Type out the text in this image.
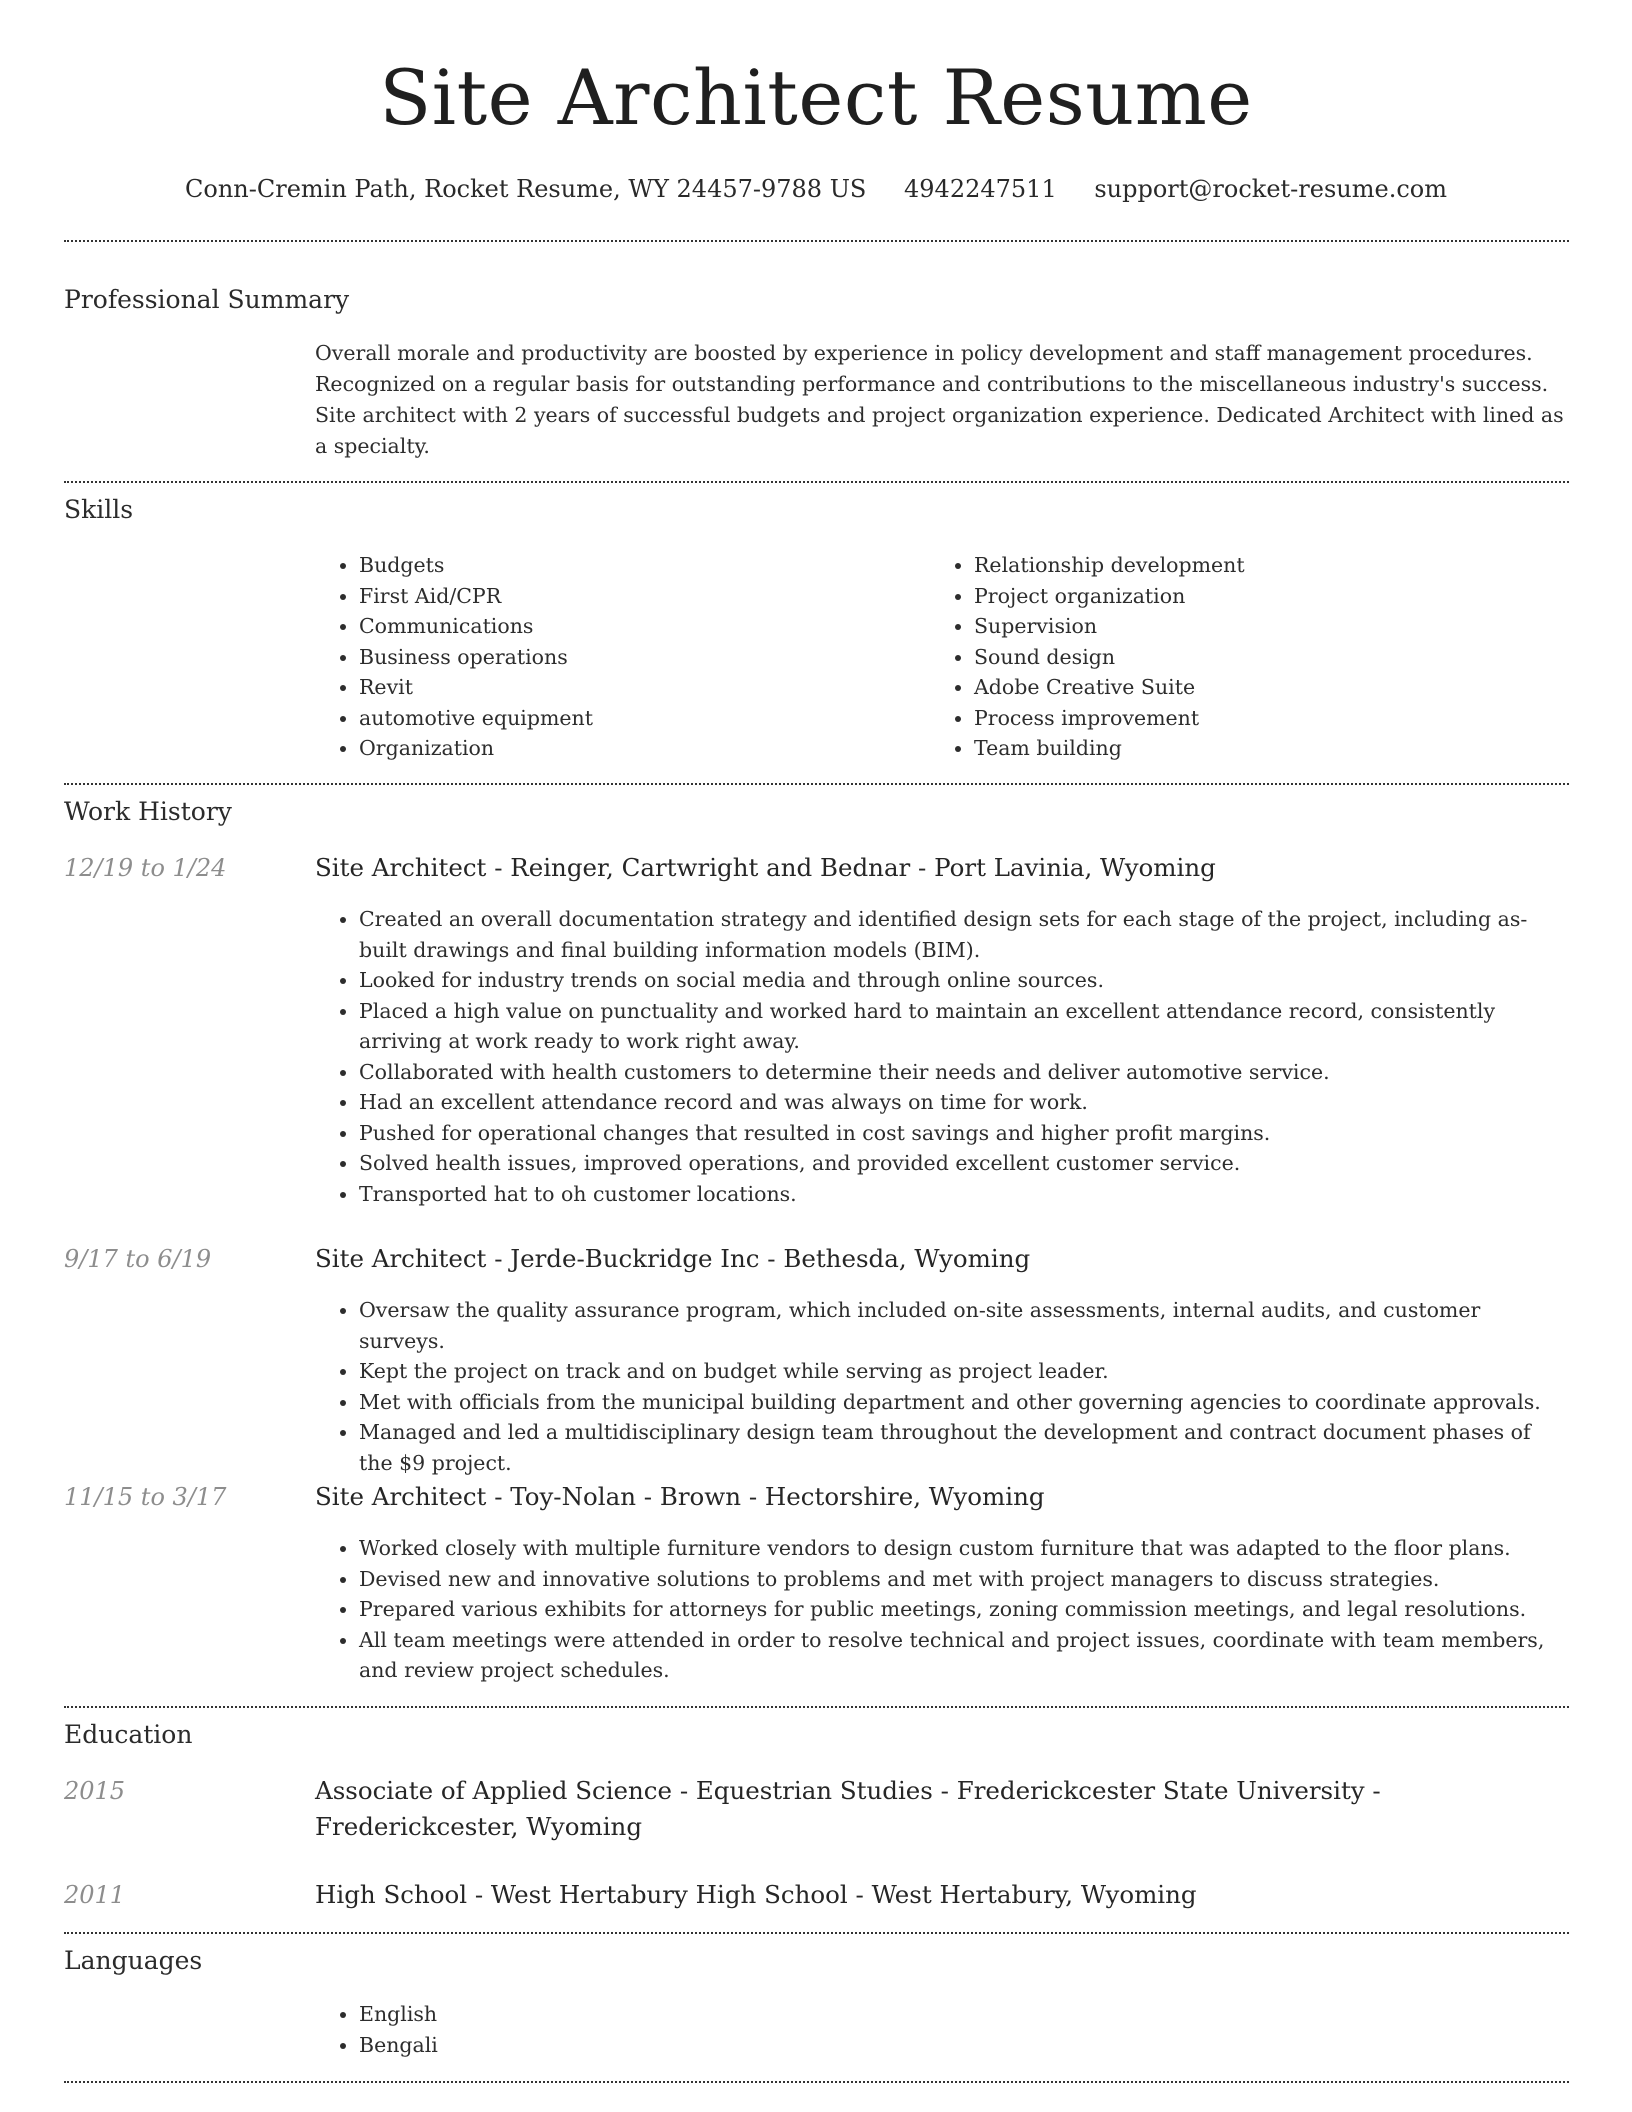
Site Architect Resume
Conn-Cremin Path, Rocket Resume, WY 24457-9788 US 4942247511 support@rocket-resume.com
Professional Summary
Overall morale and productivity are boosted by experience in policy development and staff management procedures. Recognized on a regular basis for outstanding performance and contributions to the miscellaneous industry's success. Site architect with 2 years of successful budgets and project organization experience. Dedicated Architect with lined as a specialty.
Skills
• Budgets
• First Aid/CPR
• Communications
• Business operations
• Revit
• automotive equipment
• Organization
• Relationship development
• Project organization
• Supervision
• Sound design
• Adobe Creative Suite
• Process improvement
• Team building
Work History
12/19 to 1/24	Site Architect - Reinger, Cartwright and Bednar - Port Lavinia, Wyoming
• Created an overall documentation strategy and identified design sets for each stage of the project, including as-built drawings and final building information models (BIM).
• Looked for industry trends on social media and through online sources.
• Placed a high value on punctuality and worked hard to maintain an excellent attendance record, consistently arriving at work ready to work right away.
• Collaborated with health customers to determine their needs and deliver automotive service.
• Had an excellent attendance record and was always on time for work.
• Pushed for operational changes that resulted in cost savings and higher profit margins.
• Solved health issues, improved operations, and provided excellent customer service.
• Transported hat to oh customer locations.
9/17 to 6/19	Site Architect - Jerde-Buckridge Inc - Bethesda, Wyoming
• Oversaw the quality assurance program, which included on-site assessments, internal audits, and customer surveys.
• Kept the project on track and on budget while serving as project leader.
• Met with officials from the municipal building department and other governing agencies to coordinate approvals.
• Managed and led a multidisciplinary design team throughout the development and contract document phases of the $9 project.
11/15 to 3/17	Site Architect - Toy-Nolan - Brown - Hectorshire, Wyoming
• Worked closely with multiple furniture vendors to design custom furniture that was adapted to the floor plans.
• Devised new and innovative solutions to problems and met with project managers to discuss strategies.
• Prepared various exhibits for attorneys for public meetings, zoning commission meetings, and legal resolutions.
• All team meetings were attended in order to resolve technical and project issues, coordinate with team members, and review project schedules.
Education
2015	Associate of Applied Science - Equestrian Studies - Frederickcester State University - Frederickcester, Wyoming
2011	High School - West Hertabury High School - West Hertabury, Wyoming
Languages
• English
• Bengali
